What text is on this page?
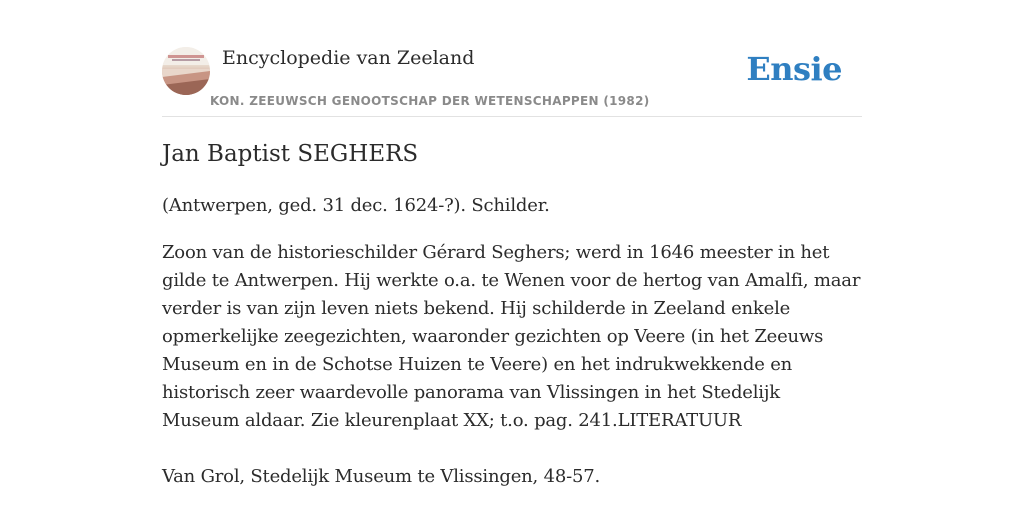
Encyclopedie van Zeeland
KON. ZEEUWSCH GENOOTSCHAP DER WETENSCHAPPEN (1982)
Ensie
Jan Baptist SEGHERS

(Antwerpen, ged. 31 dec. 1624-?). Schilder.

Zoon van de historieschilder Gérard Seghers; werd in 1646 meester in het gilde te Antwerpen. Hij werkte o.a. te Wenen voor de hertog van Amalfi, maar verder is van zijn leven niets bekend. Hij schilderde in Zeeland enkele opmerkelijke zeegezichten, waaronder gezichten op Veere (in het Zeeuws Museum en in de Schotse Huizen te Veere) en het indrukwekkende en historisch zeer waardevolle panorama van Vlissingen in het Stedelijk Museum aldaar. Zie kleurenplaat XX; t.o. pag. 241.LITERATUUR

Van Grol, Stedelijk Museum te Vlissingen, 48-57.
